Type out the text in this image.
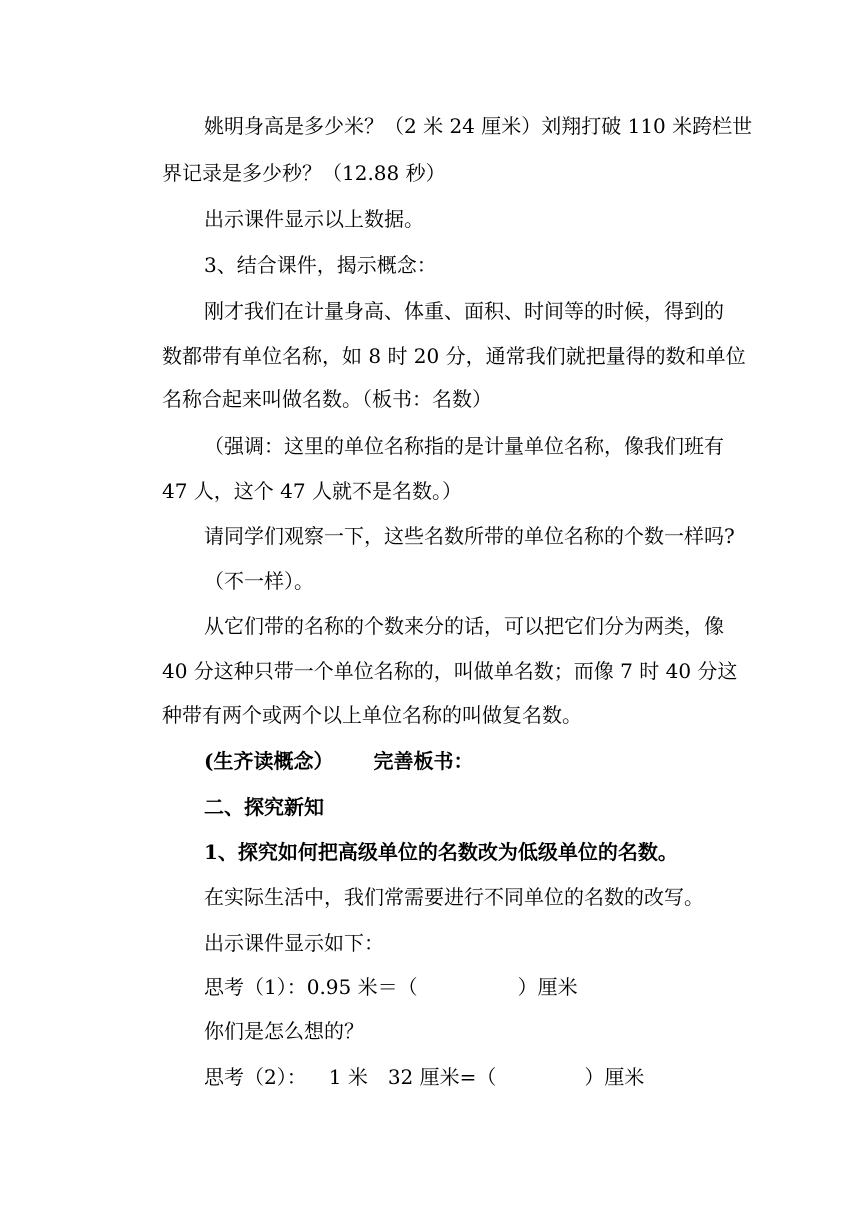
姚明身高是多少米？（2 米 24 厘米）刘翔打破 110 米跨栏世
界记录是多少秒？（12.88 秒）
出示课件显示以上数据。
3、结合课件，揭示概念：
刚才我们在计量身高、体重、面积、时间等的时候，得到的
数都带有单位名称，如 8 时 20 分，通常我们就把量得的数和单位
名称合起来叫做名数。（板书：名数）
（强调：这里的单位名称指的是计量单位名称，像我们班有
47 人，这个 47 人就不是名数。）
请同学们观察一下，这些名数所带的单位名称的个数一样吗?
（不一样）。
从它们带的名称的个数来分的话，可以把它们分为两类，像
40 分这种只带一个单位名称的，叫做单名数；而像 7 时 40 分这
种带有两个或两个以上单位名称的叫做复名数。
(生齐读概念） 完善板书：
二、探究新知
1、探究如何把高级单位的名数改为低级单位的名数。
在实际生活中，我们常需要进行不同单位的名数的改写。
出示课件显示如下：
思考（1）：0.95 米＝（	）厘米
你们是怎么想的？
思考（2）： 1 米　32 厘米=（	）厘米
